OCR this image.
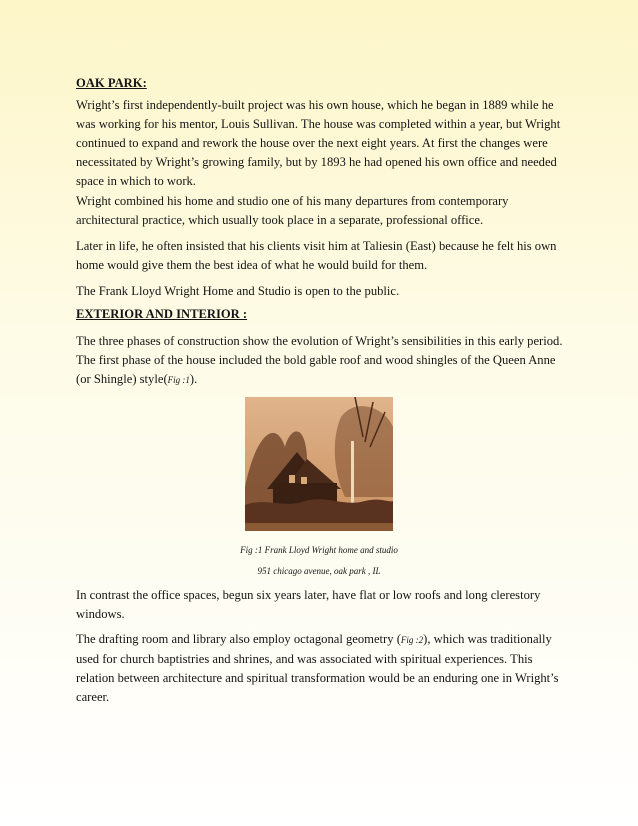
OAK PARK:

Wright’s first independently-built project was his own house, which he began in 1889 while he was working for his mentor, Louis Sullivan. The house was completed within a year, but Wright continued to expand and rework the house over the next eight years. At first the changes were necessitated by Wright’s growing family, but by 1893 he had opened his own office and needed space in which to work.

Wright combined his home and studio one of his many departures from contemporary architectural practice, which usually took place in a separate, professional office.

Later in life, he often insisted that his clients visit him at Taliesin (East) because he felt his own home would give them the best idea of what he would build for them.

The Frank Lloyd Wright Home and Studio is open to the public.

EXTERIOR AND INTERIOR :

The three phases of construction show the evolution of Wright’s sensibilities in this early period. The first phase of the house included the bold gable roof and wood shingles of the Queen Anne (or Shingle) style(Fig :1).

Fig :1 Frank Lloyd Wright home and studio
951 chicago avenue, oak park , IL

In contrast the office spaces, begun six years later, have flat or low roofs and long clerestory windows.

The drafting room and library also employ octagonal geometry (Fig :2), which was traditionally used for church baptistries and shrines, and was associated with spiritual experiences. This relation between architecture and spiritual transformation would be an enduring one in Wright’s career.
